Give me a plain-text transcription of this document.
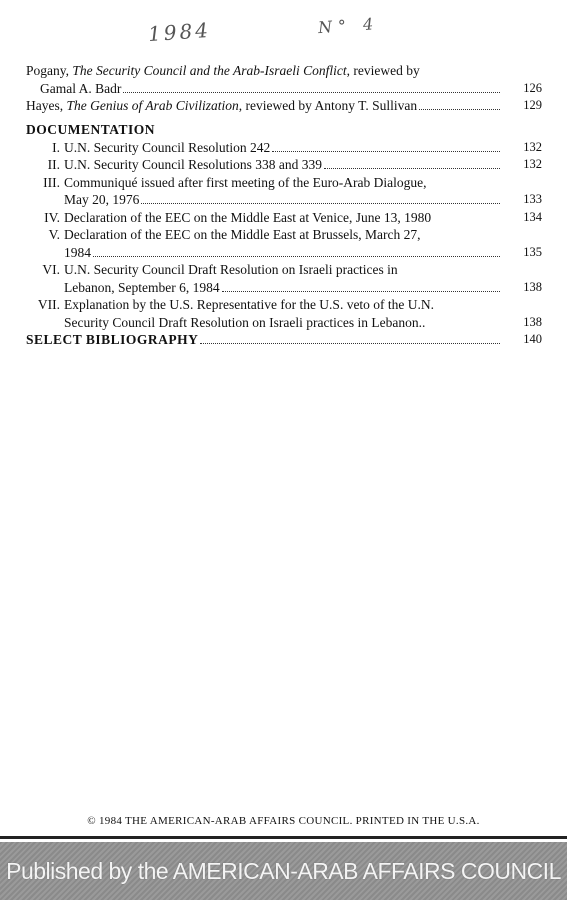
1984	N° 4
Pogany, The Security Council and the Arab-Israeli Conflict, reviewed by
Gamal A. Badr	126
Hayes, The Genius of Arab Civilization, reviewed by Antony T. Sullivan	129
DOCUMENTATION
I. U.N. Security Council Resolution 242	132
II. U.N. Security Council Resolutions 338 and 339	132
III. Communiqué issued after first meeting of the Euro-Arab Dialogue,
May 20, 1976	133
IV. Declaration of the EEC on the Middle East at Venice, June 13, 1980	134
V. Declaration of the EEC on the Middle East at Brussels, March 27,
1984	135
VI. U.N. Security Council Draft Resolution on Israeli practices in
Lebanon, September 6, 1984	138
VII. Explanation by the U.S. Representative for the U.S. veto of the U.N.
Security Council Draft Resolution on Israeli practices in Lebanon..	138
SELECT BIBLIOGRAPHY	140
© 1984 THE AMERICAN-ARAB AFFAIRS COUNCIL. PRINTED IN THE U.S.A.
Published by the AMERICAN-ARAB AFFAIRS COUNCIL
